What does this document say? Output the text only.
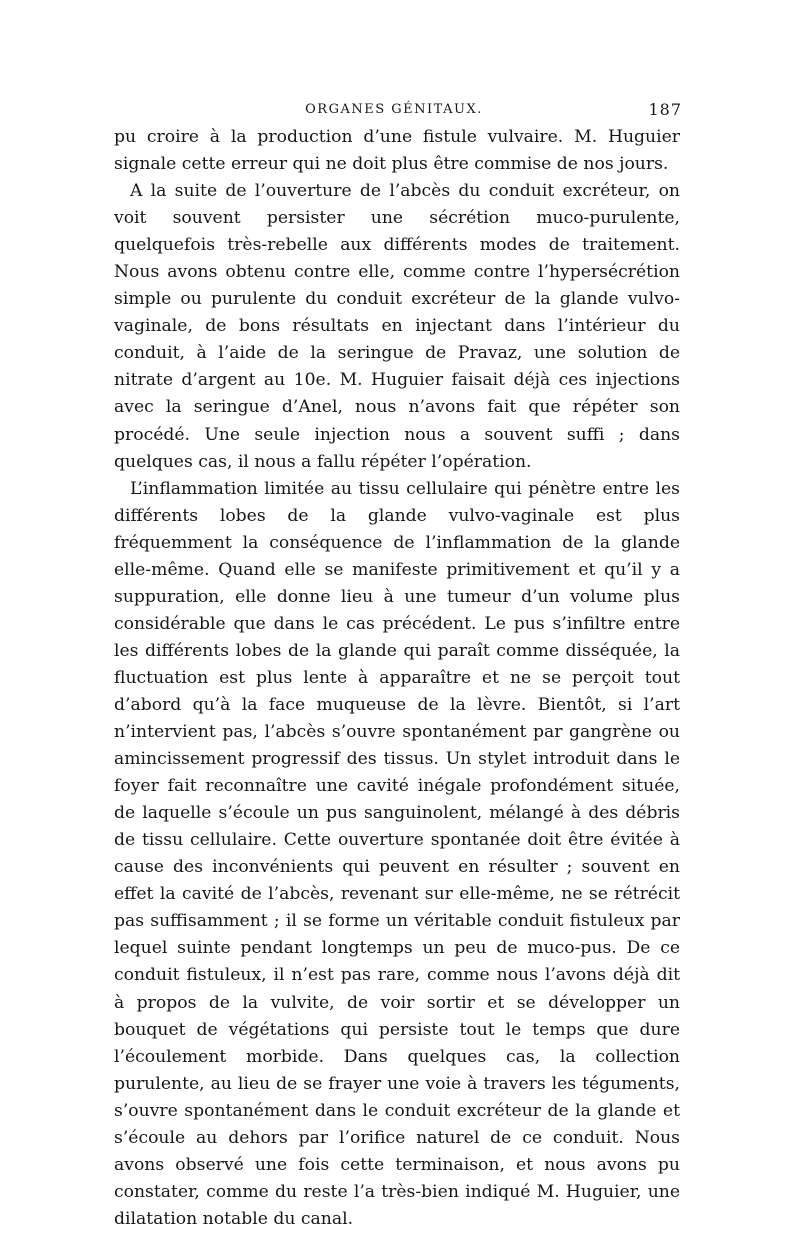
ORGANES GÉNITAUX.	187

pu croire à la production d’une fistule vulvaire. M. Huguier signale cette erreur qui ne doit plus être commise de nos jours.

A la suite de l’ouverture de l’abcès du conduit excréteur, on voit souvent persister une sécrétion muco-purulente, quelquefois très-rebelle aux différents modes de traitement. Nous avons obtenu contre elle, comme contre l’hypersécrétion simple ou purulente du conduit excréteur de la glande vulvo-vaginale, de bons résultats en injectant dans l’intérieur du conduit, à l’aide de la seringue de Pravaz, une solution de nitrate d’argent au 10e. M. Huguier faisait déjà ces injections avec la seringue d’Anel, nous n’avons fait que répéter son procédé. Une seule injection nous a souvent suffi ; dans quelques cas, il nous a fallu répéter l’opération.

L’inflammation limitée au tissu cellulaire qui pénètre entre les différents lobes de la glande vulvo-vaginale est plus fréquemment la conséquence de l’inflammation de la glande elle-même. Quand elle se manifeste primitivement et qu’il y a suppuration, elle donne lieu à une tumeur d’un volume plus considérable que dans le cas précédent. Le pus s’infiltre entre les différents lobes de la glande qui paraît comme disséquée, la fluctuation est plus lente à apparaître et ne se perçoit tout d’abord qu’à la face muqueuse de la lèvre. Bientôt, si l’art n’intervient pas, l’abcès s’ouvre spontanément par gangrène ou amincissement progressif des tissus. Un stylet introduit dans le foyer fait reconnaître une cavité inégale profondément située, de laquelle s’écoule un pus sanguinolent, mélangé à des débris de tissu cellulaire. Cette ouverture spontanée doit être évitée à cause des inconvénients qui peuvent en résulter ; souvent en effet la cavité de l’abcès, revenant sur elle-même, ne se rétrécit pas suffisamment ; il se forme un véritable conduit fistuleux par lequel suinte pendant longtemps un peu de muco-pus. De ce conduit fistuleux, il n’est pas rare, comme nous l’avons déjà dit à propos de la vulvite, de voir sortir et se développer un bouquet de végétations qui persiste tout le temps que dure l’écoulement morbide. Dans quelques cas, la collection purulente, au lieu de se frayer une voie à travers les téguments, s’ouvre spontanément dans le conduit excréteur de la glande et s’écoule au dehors par l’orifice naturel de ce conduit. Nous avons observé une fois cette terminaison, et nous avons pu constater, comme du reste l’a très-bien indiqué M. Huguier, une dilatation notable du canal.
